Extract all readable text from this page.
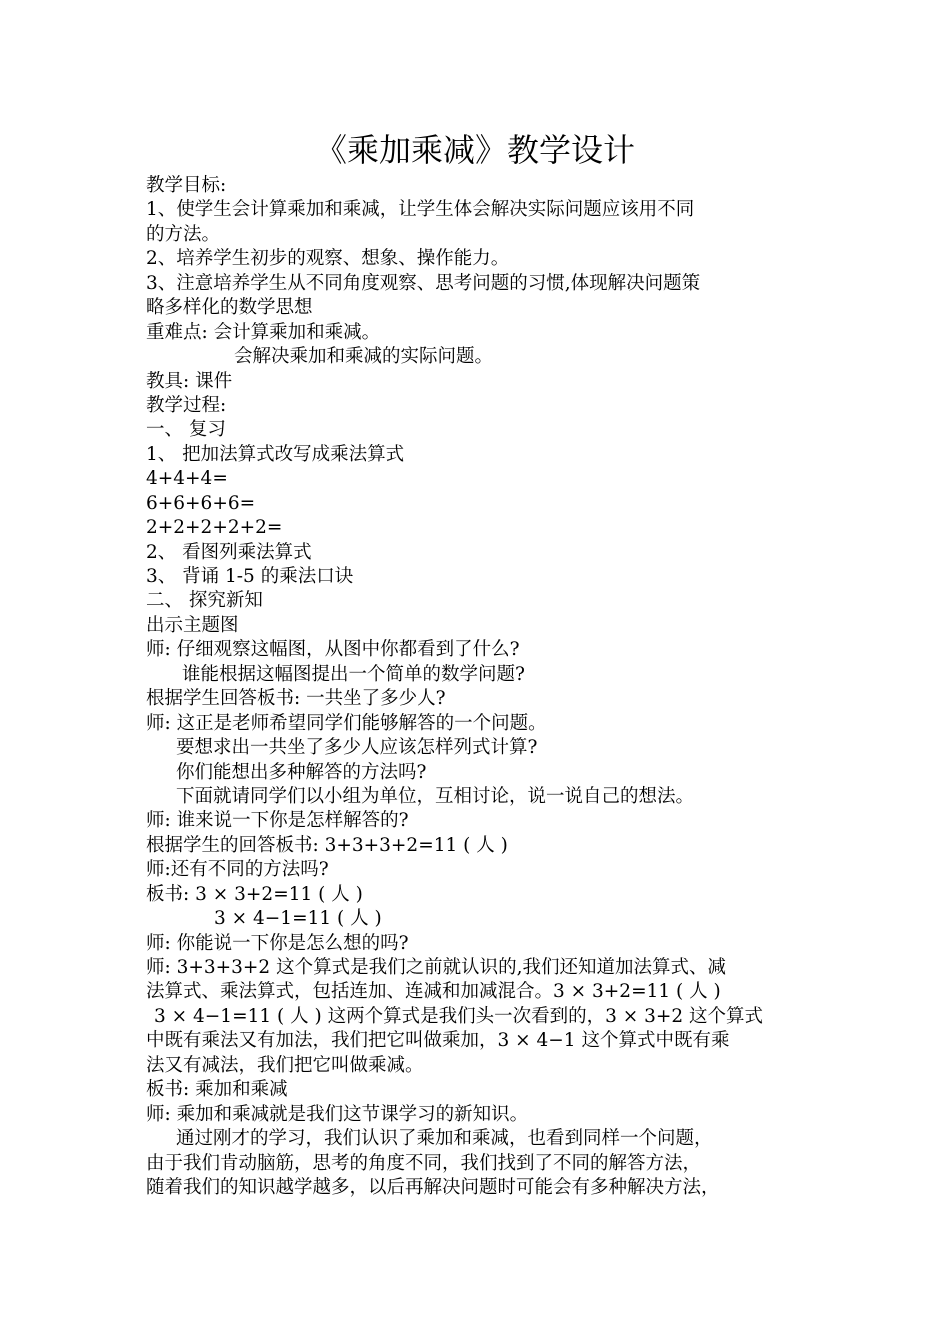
《乘加乘减》教学设计
教学目标:
1、使学生会计算乘加和乘减，让学生体会解决实际问题应该用不同
的方法。
2、培养学生初步的观察、想象、操作能力。
3、注意培养学生从不同角度观察、思考问题的习惯,体现解决问题策
略多样化的数学思想
重难点: 会计算乘加和乘减。
会解决乘加和乘减的实际问题。
教具: 课件
教学过程:
一、 复习
1、 把加法算式改写成乘法算式
4+4+4=
6+6+6+6=
2+2+2+2+2=
2、 看图列乘法算式
3、 背诵 1-5 的乘法口诀
二、 探究新知
出示主题图
师: 仔细观察这幅图，从图中你都看到了什么?
谁能根据这幅图提出一个简单的数学问题?
根据学生回答板书: 一共坐了多少人?
师: 这正是老师希望同学们能够解答的一个问题。
要想求出一共坐了多少人应该怎样列式计算?
你们能想出多种解答的方法吗?
下面就请同学们以小组为单位，互相讨论，说一说自己的想法。
师: 谁来说一下你是怎样解答的?
根据学生的回答板书: 3+3+3+2=11 ( 人 )
师:还有不同的方法吗?
板书: 3 × 3+2=11 ( 人 )
3 × 4−1=11 ( 人 )
师: 你能说一下你是怎么想的吗?
师: 3+3+3+2 这个算式是我们之前就认识的,我们还知道加法算式、减
法算式、乘法算式，包括连加、连减和加减混合。3 × 3+2=11 ( 人 )
3 × 4−1=11 ( 人 ) 这两个算式是我们头一次看到的，3 × 3+2 这个算式
中既有乘法又有加法，我们把它叫做乘加，3 × 4−1 这个算式中既有乘
法又有减法，我们把它叫做乘减。
板书: 乘加和乘减
师: 乘加和乘减就是我们这节课学习的新知识。
通过刚才的学习，我们认识了乘加和乘减，也看到同样一个问题，
由于我们肯动脑筋，思考的角度不同，我们找到了不同的解答方法，
随着我们的知识越学越多，以后再解决问题时可能会有多种解决方法，
